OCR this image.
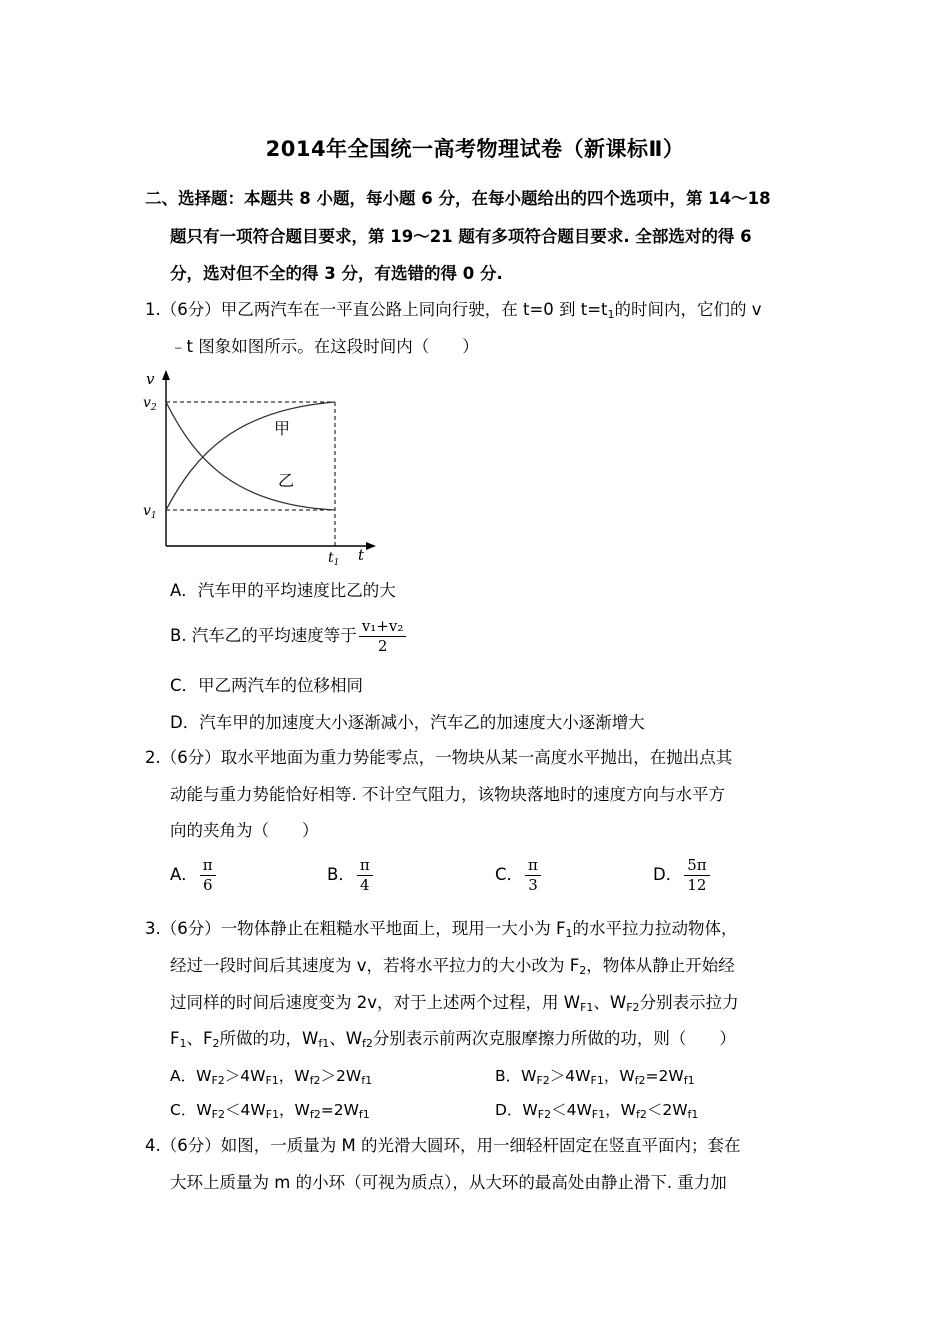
2014年全国统一高考物理试卷（新课标Ⅱ）
二、选择题：本题共 8 小题，每小题 6 分，在每小题给出的四个选项中，第 14～18
题只有一项符合题目要求，第 19～21 题有多项符合题目要求. 全部选对的得 6
分，选对但不全的得 3 分，有选错的得 0 分.
1.（6分）甲乙两汽车在一平直公路上同向行驶，在 t=0 到 $t=t_1$的时间内，它们的 v
﹣t 图象如图所示。在这段时间内（　　）
v
t
$v_2$
$v_1$
$t_1$
甲
乙
A．汽车甲的平均速度比乙的大
B. 汽车乙的平均速度等于 $\frac{\text{v₁+v₂}}{2}$
C．甲乙两汽车的位移相同
D．汽车甲的加速度大小逐渐减小，汽车乙的加速度大小逐渐增大
2.（6分）取水平地面为重力势能零点，一物块从某一高度水平抛出，在抛出点其
动能与重力势能恰好相等. 不计空气阻力，该物块落地时的速度方向与水平方
向的夹角为（　　）
A． $\frac{\pi}{6}$	B． $\frac{\pi}{4}$	C． $\frac{\pi}{3}$	D． $\frac{5\pi}{12}$
3.（6分）一物体静止在粗糙水平地面上，现用一大小为 $F_1$的水平拉力拉动物体，
经过一段时间后其速度为 v，若将水平拉力的大小改为 $F_2$，物体从静止开始经
过同样的时间后速度变为 2v，对于上述两个过程，用 $W_{F1}$、$W_{F2}$分别表示拉力
$F_1$、$F_2$所做的功，$W_{f1}$、$W_{f2}$分别表示前两次克服摩擦力所做的功，则（　　）
A．$W_{F2}>4W_{F1}$，$W_{f2}>2W_{f1}$	B．$W_{F2}>4W_{F1}$，$W_{f2}=2W_{f1}$
C．$W_{F2}<4W_{F1}$，$W_{f2}=2W_{f1}$	D．$W_{F2}<4W_{F1}$，$W_{f2}<2W_{f1}$
4.（6分）如图，一质量为 M 的光滑大圆环，用一细轻杆固定在竖直平面内；套在
大环上质量为 m 的小环（可视为质点），从大环的最高处由静止滑下. 重力加
